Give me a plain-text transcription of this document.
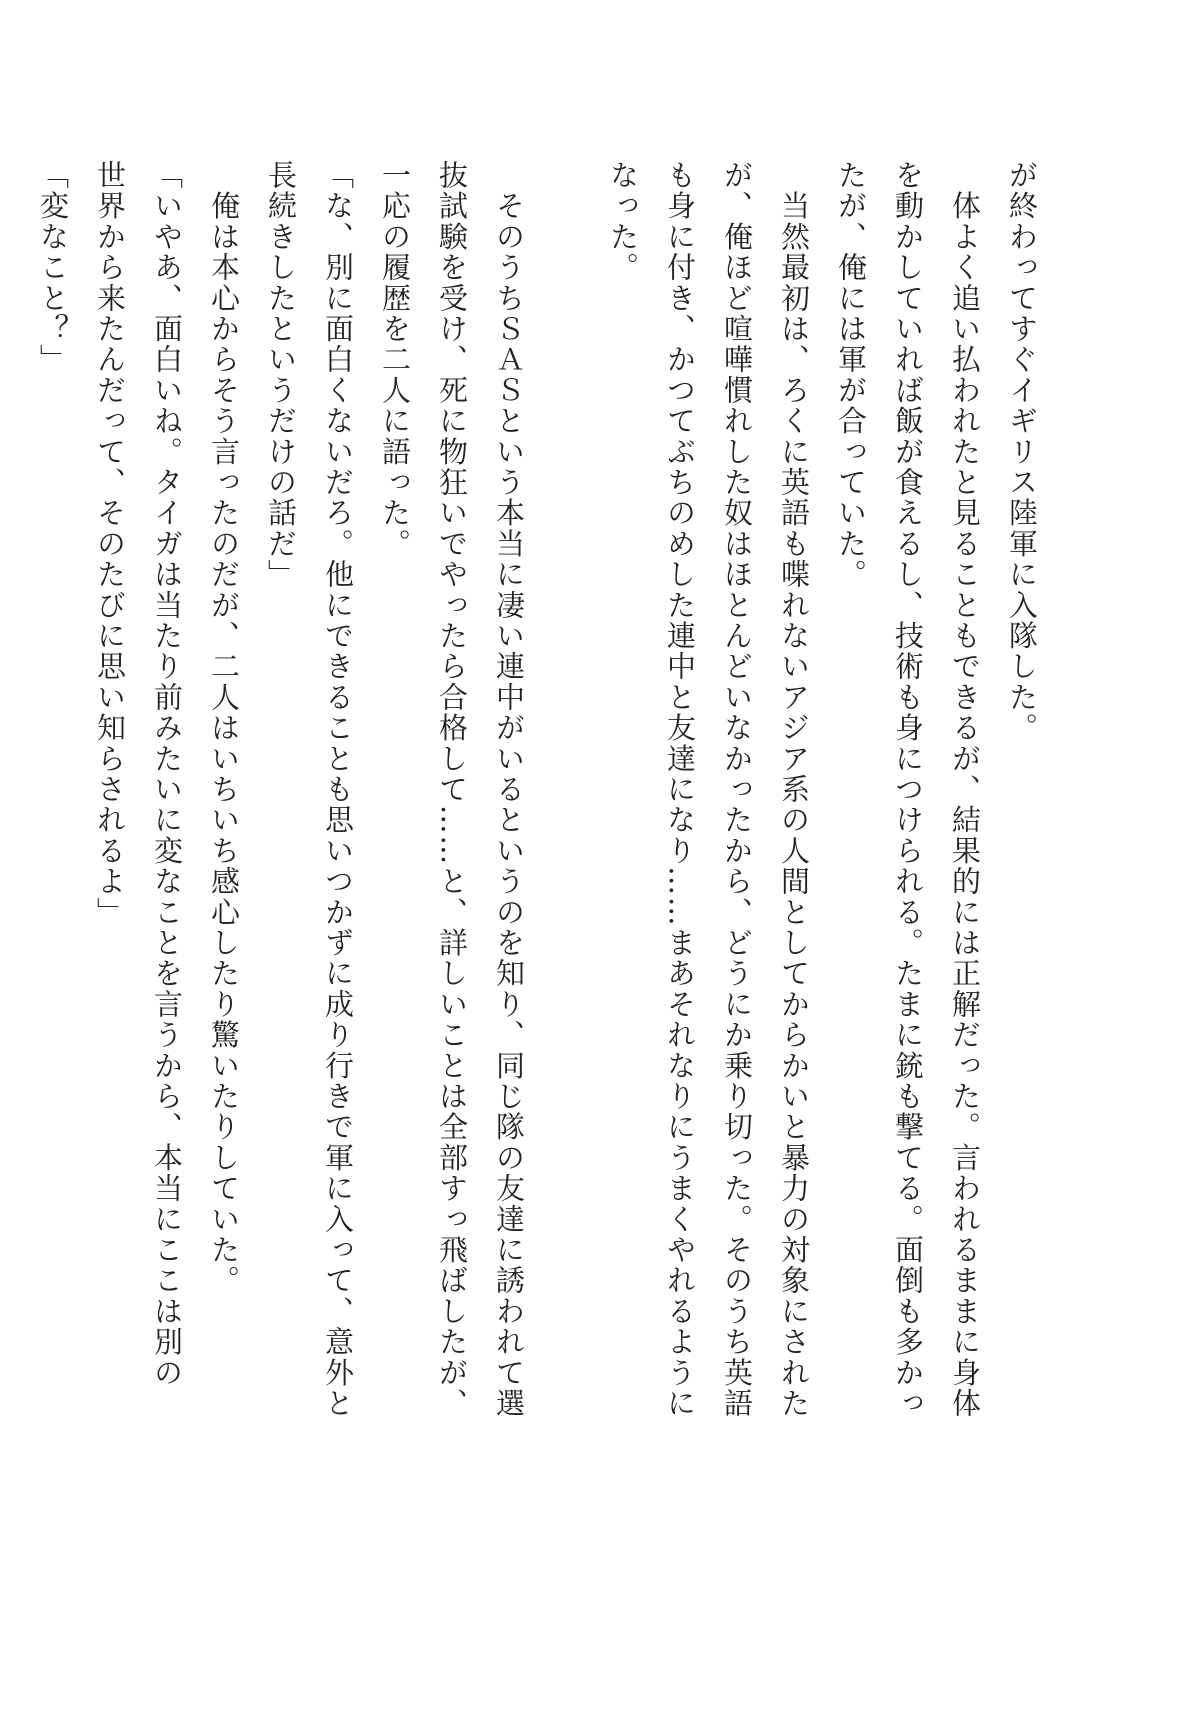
が終わってすぐイギリス陸軍に入隊した。
　体よく追い払われたと見ることもできるが、結果的には正解だった。言われるままに身体
を動かしていれば飯が食えるし、技術も身につけられる。たまに銃も撃てる。面倒も多かっ
たが、俺には軍が合っていた。
　当然最初は、ろくに英語も喋れないアジア系の人間としてからかいと暴力の対象にされた
が、俺ほど喧嘩慣れした奴はほとんどいなかったから、どうにか乗り切った。そのうち英語
も身に付き、かつてぶちのめした連中と友達になり……まあそれなりにうまくやれるように
なった。
　そのうちＳＡＳという本当に凄い連中がいるというのを知り、同じ隊の友達に誘われて選
抜試験を受け、死に物狂いでやったら合格して……と、詳しいことは全部すっ飛ばしたが、
一応の履歴を二人に語った。
「な、別に面白くないだろ。他にできることも思いつかずに成り行きで軍に入って、意外と
長続きしたというだけの話だ」
　俺は本心からそう言ったのだが、二人はいちいち感心したり驚いたりしていた。
「いやあ、面白いね。タイガは当たり前みたいに変なことを言うから、本当にここは別の
世界から来たんだって、そのたびに思い知らされるよ」
「変なこと？」
